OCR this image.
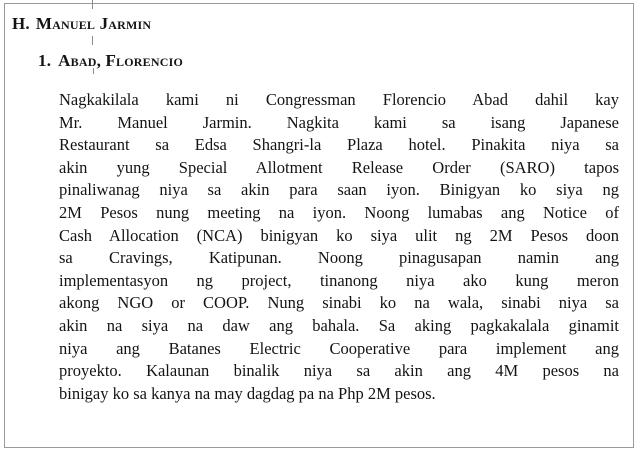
H. Manuel Jarmin
1. Abad, Florencio
Nagkakilala kami ni Congressman Florencio Abad dahil kay
Mr. Manuel Jarmin. Nagkita kami sa isang Japanese
Restaurant sa Edsa Shangri-la Plaza hotel. Pinakita niya sa
akin yung Special Allotment Release Order (SARO) tapos
pinaliwanag niya sa akin para saan iyon. Binigyan ko siya ng
2M Pesos nung meeting na iyon. Noong lumabas ang Notice of
Cash Allocation (NCA) binigyan ko siya ulit ng 2M Pesos doon
sa Cravings, Katipunan. Noong pinagusapan namin ang
implementasyon ng project, tinanong niya ako kung meron
akong NGO or COOP. Nung sinabi ko na wala, sinabi niya sa
akin na siya na daw ang bahala. Sa aking pagkakalala ginamit
niya ang Batanes Electric Cooperative para implement ang
proyekto. Kalaunan binalik niya sa akin ang 4M pesos na
binigay ko sa kanya na may dagdag pa na Php 2M pesos.
